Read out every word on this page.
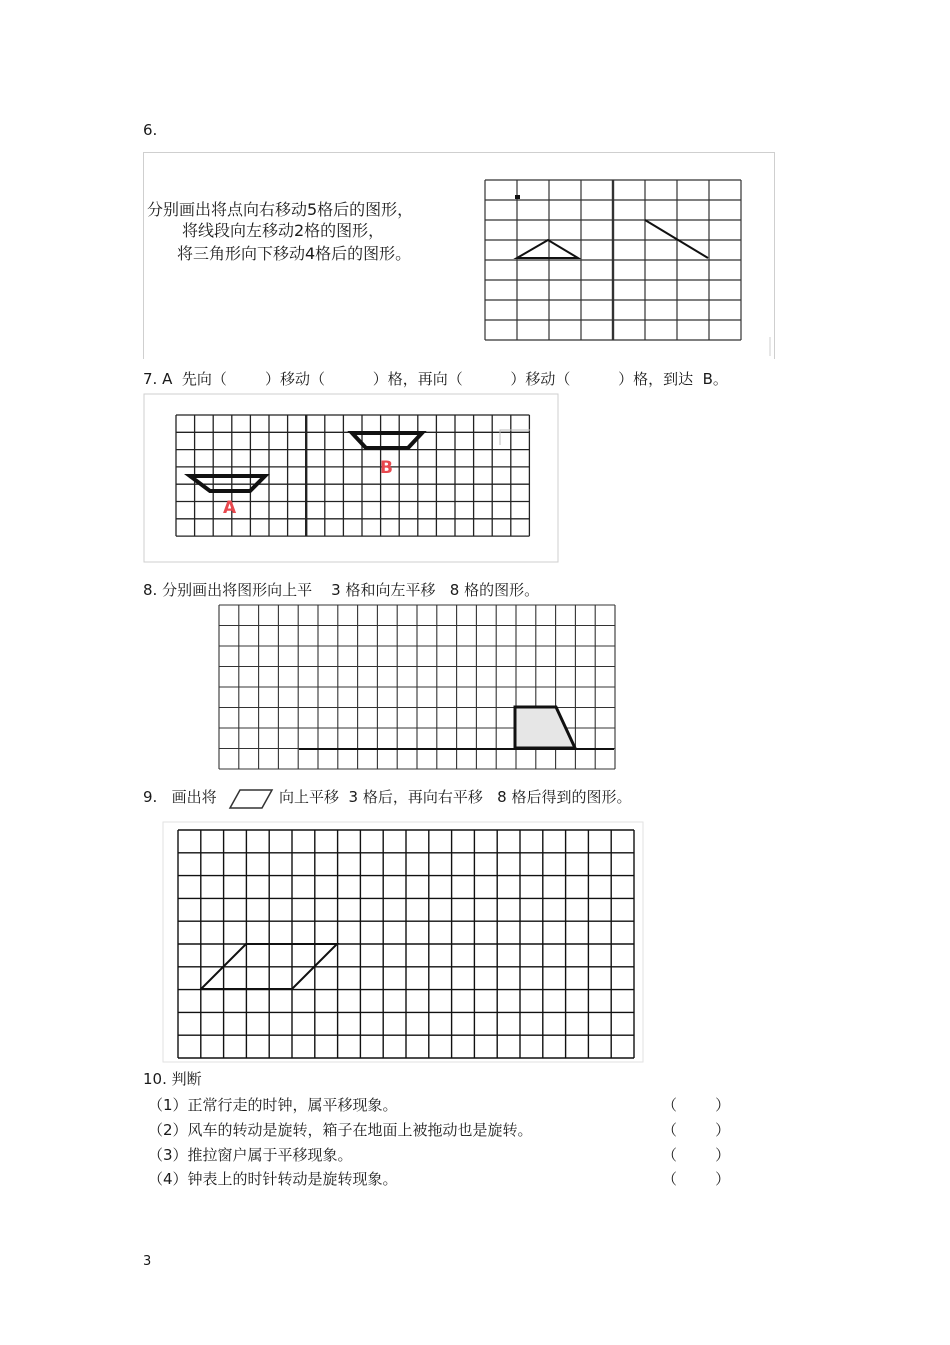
6.
分别画出将点向右移动5格后的图形，
将线段向左移动2格的图形，
将三角形向下移动4格后的图形。
7. A  先向（        ）移动（          ）格，再向（          ）移动（          ）格，到达  B。
A
B
8. 分别画出将图形向上平    3 格和向左平移   8 格的图形。
9.   画出将	向上平移  3 格后，再向右平移   8 格后得到的图形。
10. 判断
（1）正常行走的时钟，属平移现象。	（        ）
（2）风车的转动是旋转，箱子在地面上被拖动也是旋转。	（        ）
（3）推拉窗户属于平移现象。	（        ）
（4）钟表上的时针转动是旋转现象。	（        ）
3
